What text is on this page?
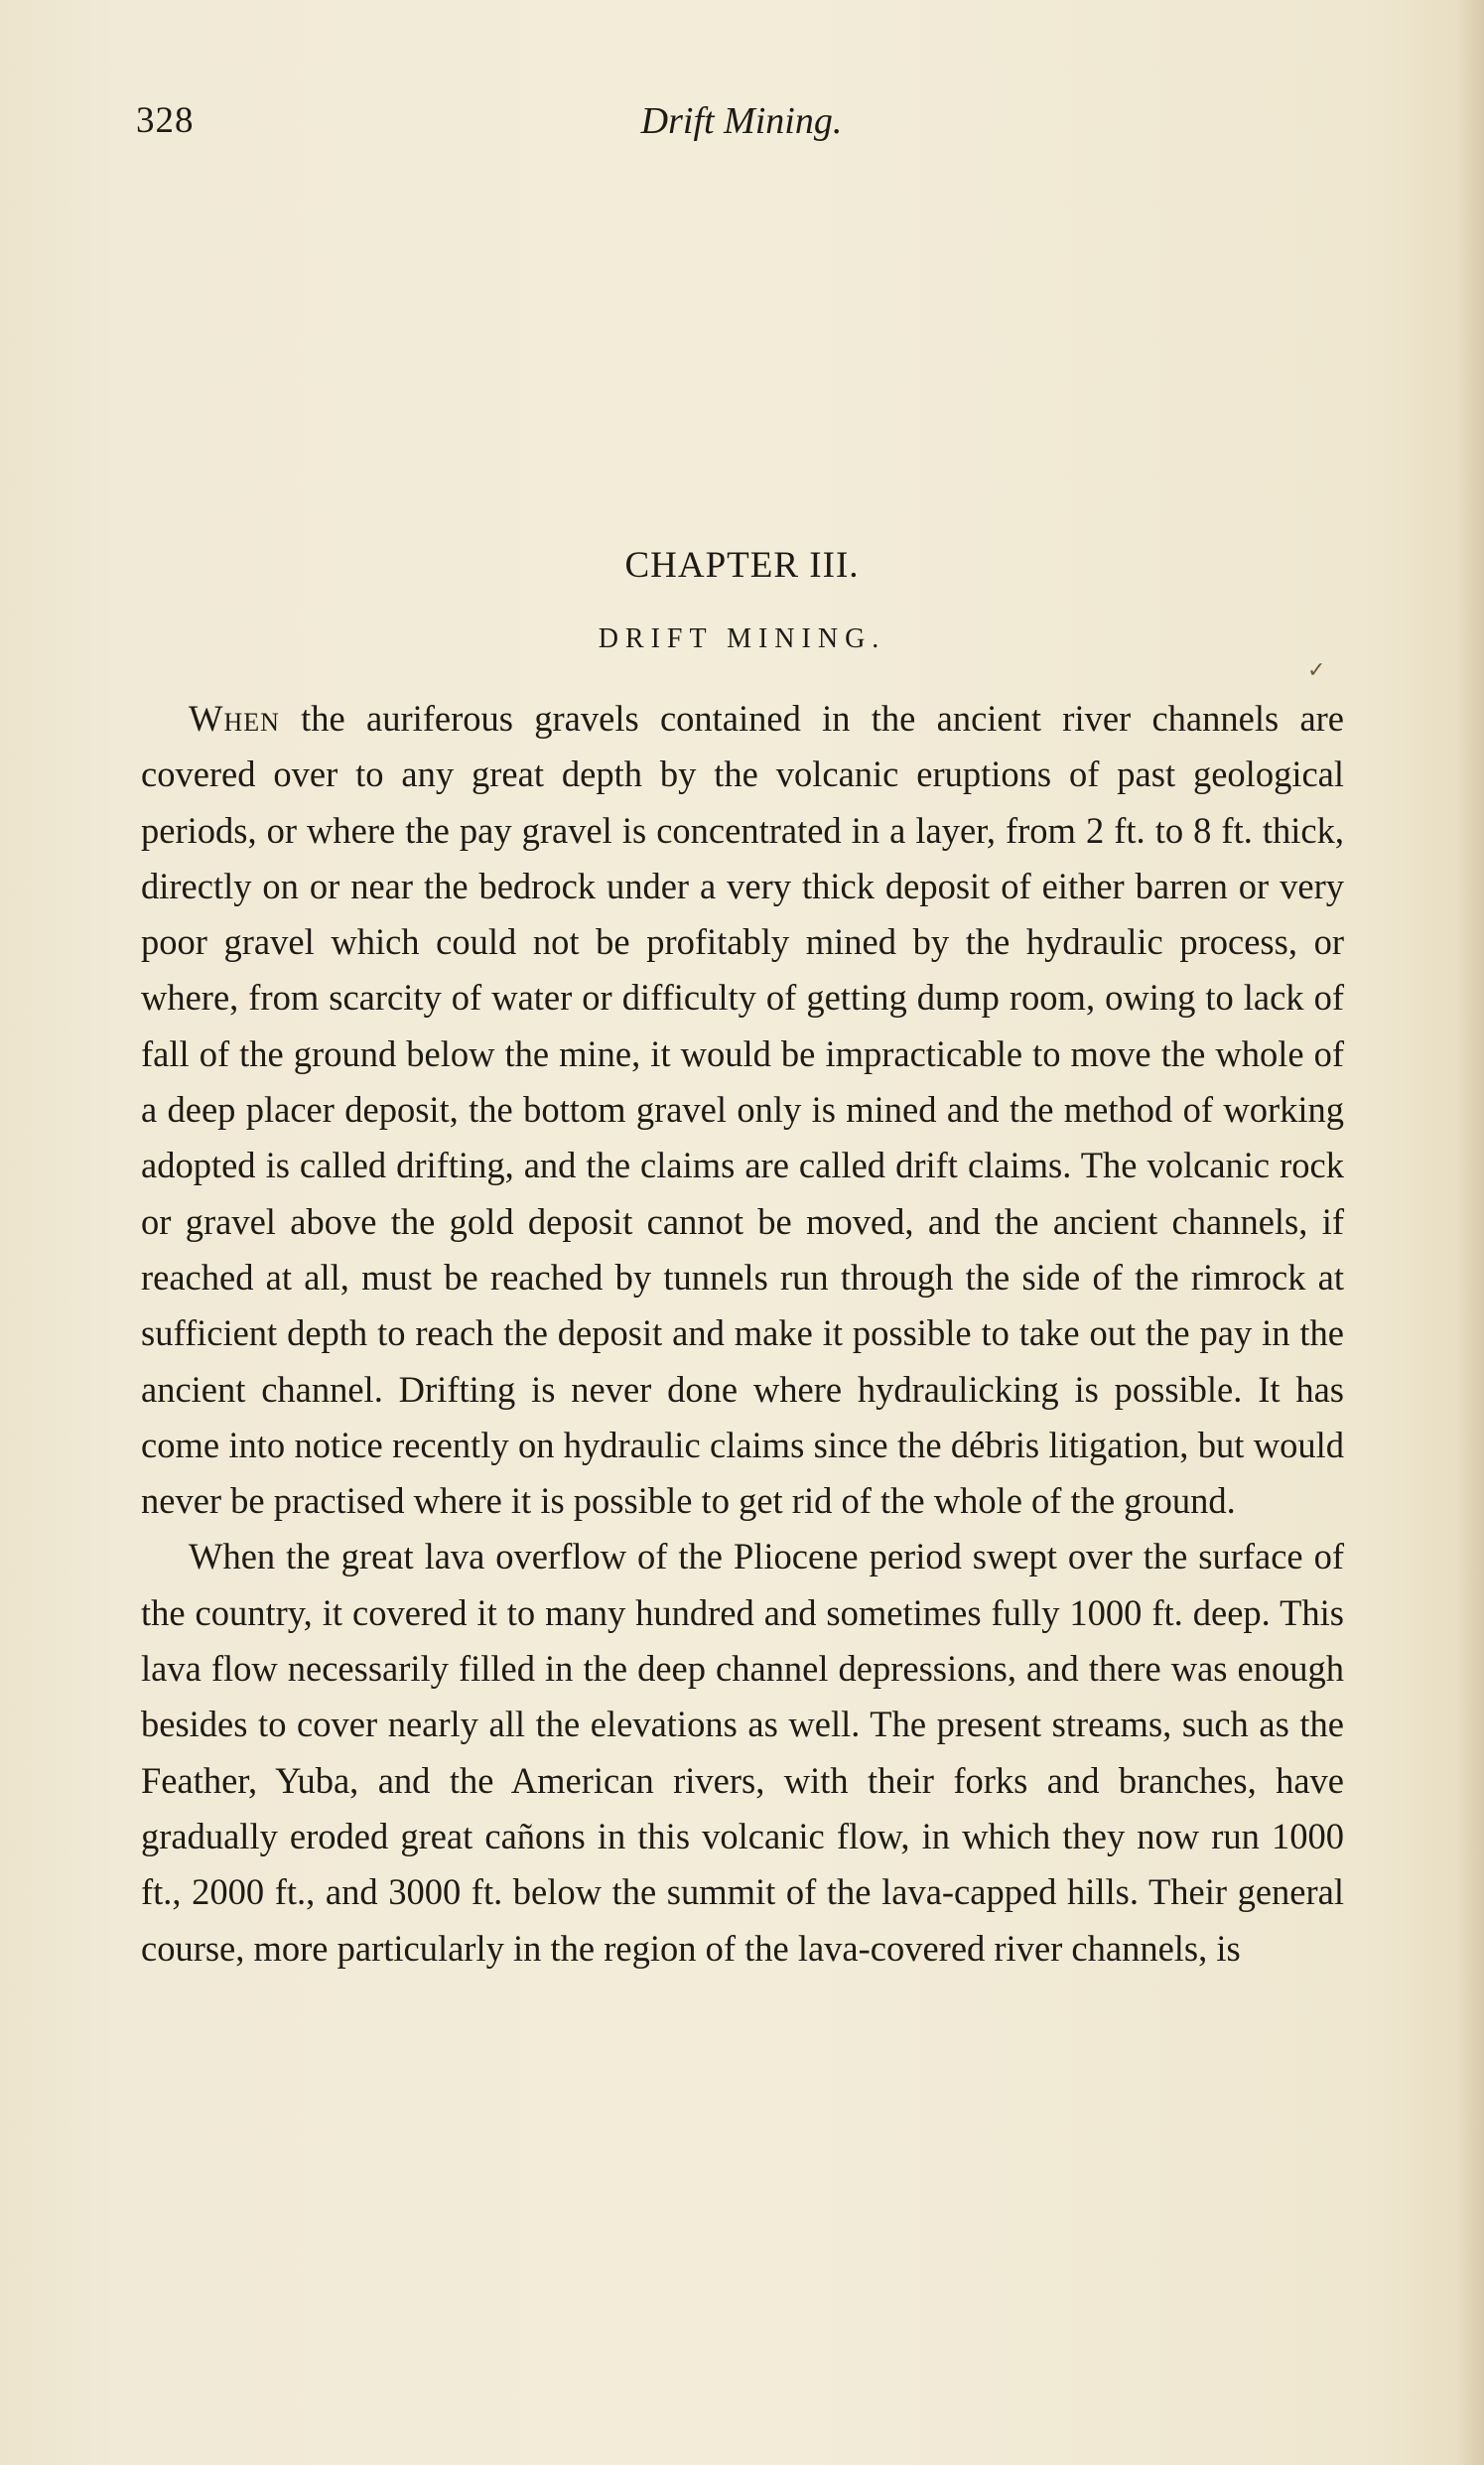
328	Drift Mining.
CHAPTER III.
DRIFT MINING.
✓

When the auriferous gravels contained in the ancient river channels are covered over to any great depth by the volcanic eruptions of past geological periods, or where the pay gravel is concentrated in a layer, from 2 ft. to 8 ft. thick, directly on or near the bedrock under a very thick deposit of either barren or very poor gravel which could not be profitably mined by the hydraulic process, or where, from scarcity of water or difficulty of getting dump room, owing to lack of fall of the ground below the mine, it would be impracticable to move the whole of a deep placer deposit, the bottom gravel only is mined and the method of working adopted is called drifting, and the claims are called drift claims. The volcanic rock or gravel above the gold deposit cannot be moved, and the ancient channels, if reached at all, must be reached by tunnels run through the side of the rimrock at sufficient depth to reach the deposit and make it possible to take out the pay in the ancient channel. Drifting is never done where hydraulicking is possible. It has come into notice recently on hydraulic claims since the débris litigation, but would never be practised where it is possible to get rid of the whole of the ground.

When the great lava overflow of the Pliocene period swept over the surface of the country, it covered it to many hundred and sometimes fully 1000 ft. deep. This lava flow necessarily filled in the deep channel depressions, and there was enough besides to cover nearly all the elevations as well. The present streams, such as the Feather, Yuba, and the American rivers, with their forks and branches, have gradually eroded great cañons in this volcanic flow, in which they now run 1000 ft., 2000 ft., and 3000 ft. below the summit of the lava-capped hills. Their general course, more particularly in the region of the lava-covered river channels, is
